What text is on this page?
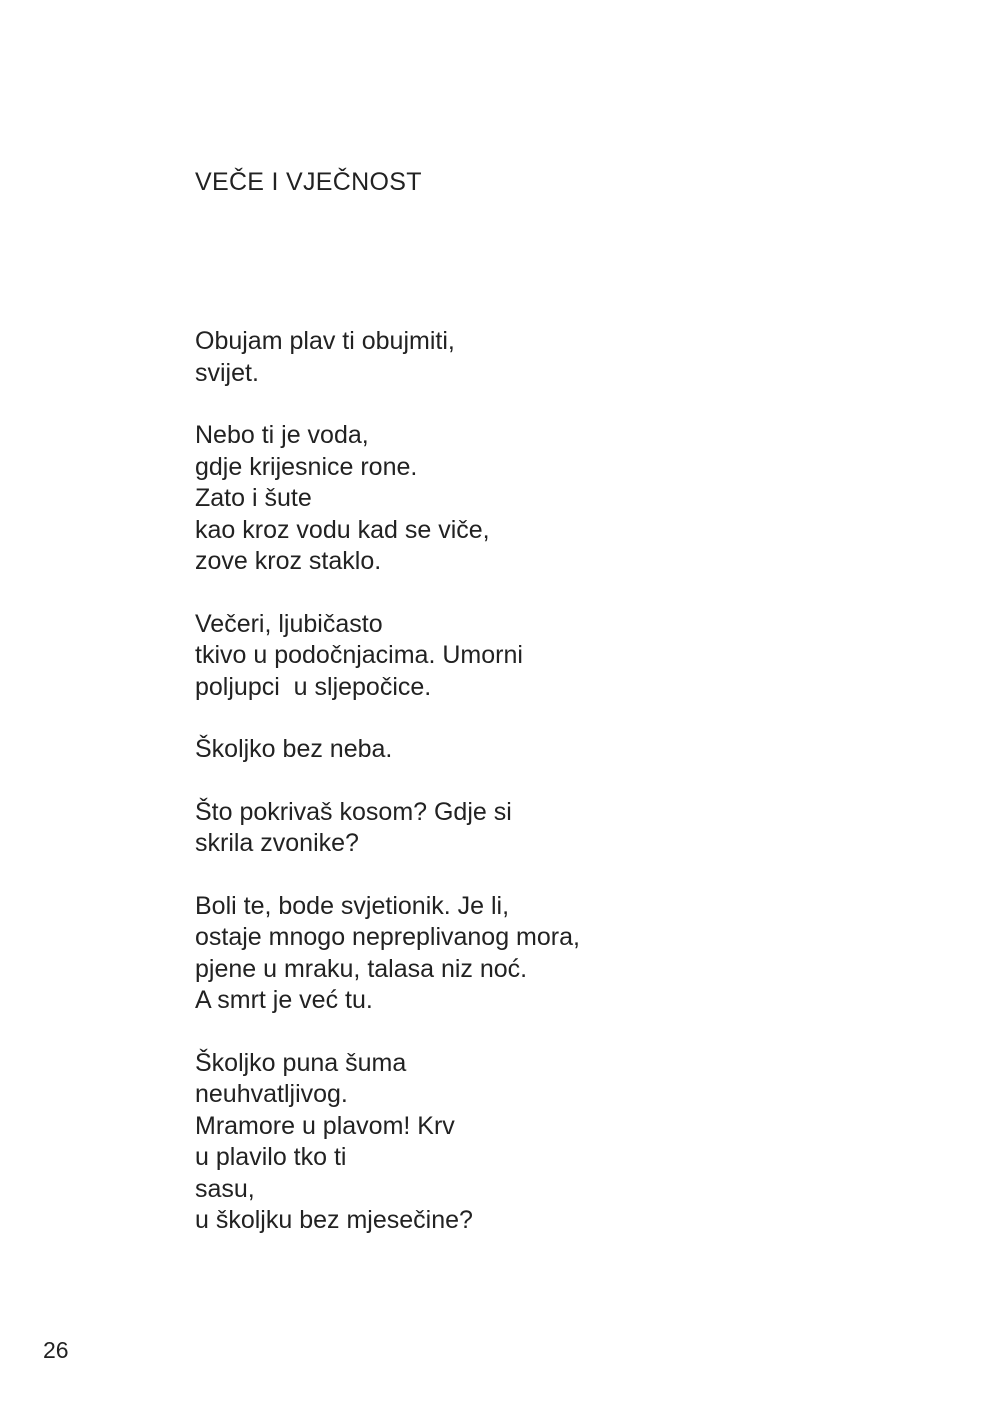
VEČE I VJEČNOST
Obujam plav ti obujmiti,
svijet.
Nebo ti je voda,
gdje krijesnice rone.
Zato i šute
kao kroz vodu kad se viče,
zove kroz staklo.
Večeri, ljubičasto
tkivo u podočnjacima. Umorni
poljupci  u sljepočice.
Školjko bez neba.
Što pokrivaš kosom? Gdje si
skrila zvonike?
Boli te, bode svjetionik. Je li,
ostaje mnogo nepreplivanog mora,
pjene u mraku, talasa niz noć.
A smrt je već tu.
Školjko puna šuma
neuhvatljivog.
Mramore u plavom! Krv
u plavilo tko ti
sasu,
u školjku bez mjesečine?
26
